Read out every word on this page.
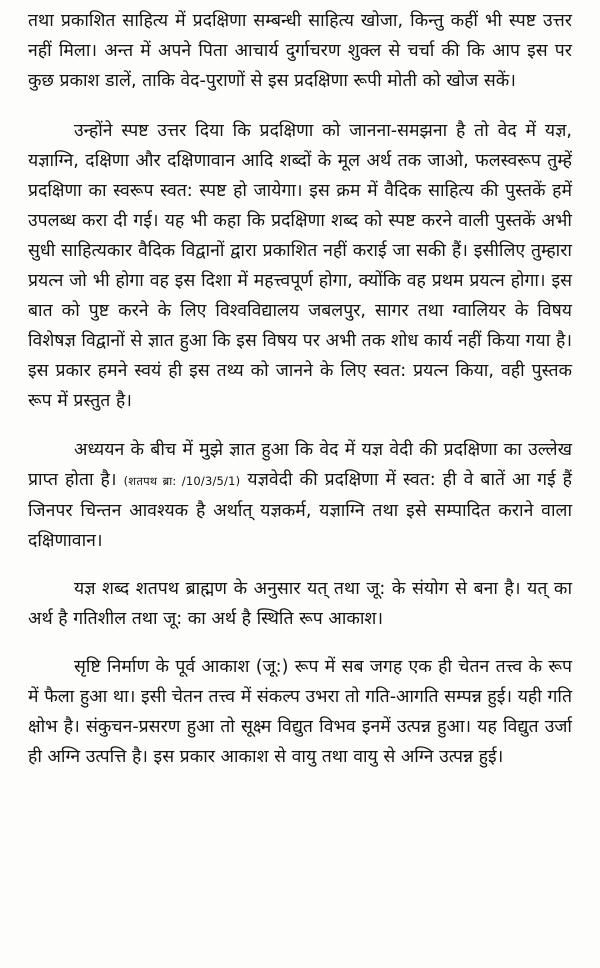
तथा प्रकाशित साहित्य में प्रदक्षिणा सम्बन्धी साहित्य खोजा, किन्तु कहीं भी स्पष्ट उत्तर नहीं मिला। अन्त में अपने पिता आचार्य दुर्गाचरण शुक्ल से चर्चा की कि आप इस पर कुछ प्रकाश डालें, ताकि वेद-पुराणों से इस प्रदक्षिणा रूपी मोती को खोज सकें।

उन्होंने स्पष्ट उत्तर दिया कि प्रदक्षिणा को जानना-समझना है तो वेद में यज्ञ, यज्ञाग्नि, दक्षिणा और दक्षिणावान आदि शब्दों के मूल अर्थ तक जाओ, फलस्वरूप तुम्हें प्रदक्षिणा का स्वरूप स्वत: स्पष्ट हो जायेगा। इस क्रम में वैदिक साहित्य की पुस्तकें हमें उपलब्ध करा दी गई। यह भी कहा कि प्रदक्षिणा शब्द को स्पष्ट करने वाली पुस्तकें अभी सुधी साहित्यकार वैदिक विद्वानों द्वारा प्रकाशित नहीं कराई जा सकी हैं। इसीलिए तुम्हारा प्रयत्न जो भी होगा वह इस दिशा में महत्त्वपूर्ण होगा, क्योंकि वह प्रथम प्रयत्न होगा। इस बात को पुष्ट करने के लिए विश्वविद्यालय जबलपुर, सागर तथा ग्वालियर के विषय विशेषज्ञ विद्वानों से ज्ञात हुआ कि इस विषय पर अभी तक शोध कार्य नहीं किया गया है। इस प्रकार हमने स्वयं ही इस तथ्य को जानने के लिए स्वत: प्रयत्न किया, वही पुस्तक रूप में प्रस्तुत है।

अध्ययन के बीच में मुझे ज्ञात हुआ कि वेद में यज्ञ वेदी की प्रदक्षिणा का उल्लेख प्राप्त होता है। (शतपथ ब्रा: /10/3/5/1) यज्ञवेदी की प्रदक्षिणा में स्वत: ही वे बातें आ गई हैं जिनपर चिन्तन आवश्यक है अर्थात् यज्ञकर्म, यज्ञाग्नि तथा इसे सम्पादित कराने वाला दक्षिणावान।

यज्ञ शब्द शतपथ ब्राह्मण के अनुसार यत् तथा जू: के संयोग से बना है। यत् का अर्थ है गतिशील तथा जू: का अर्थ है स्थिति रूप आकाश।

सृष्टि निर्माण के पूर्व आकाश (जू:) रूप में सब जगह एक ही चेतन तत्त्व के रूप में फैला हुआ था। इसी चेतन तत्त्व में संकल्प उभरा तो गति-आगति सम्पन्न हुई। यही गति क्षोभ है। संकुचन-प्रसरण हुआ तो सूक्ष्म विद्युत विभव इनमें उत्पन्न हुआ। यह विद्युत उर्जा ही अग्नि उत्पत्ति है। इस प्रकार आकाश से वायु तथा वायु से अग्नि उत्पन्न हुई।
